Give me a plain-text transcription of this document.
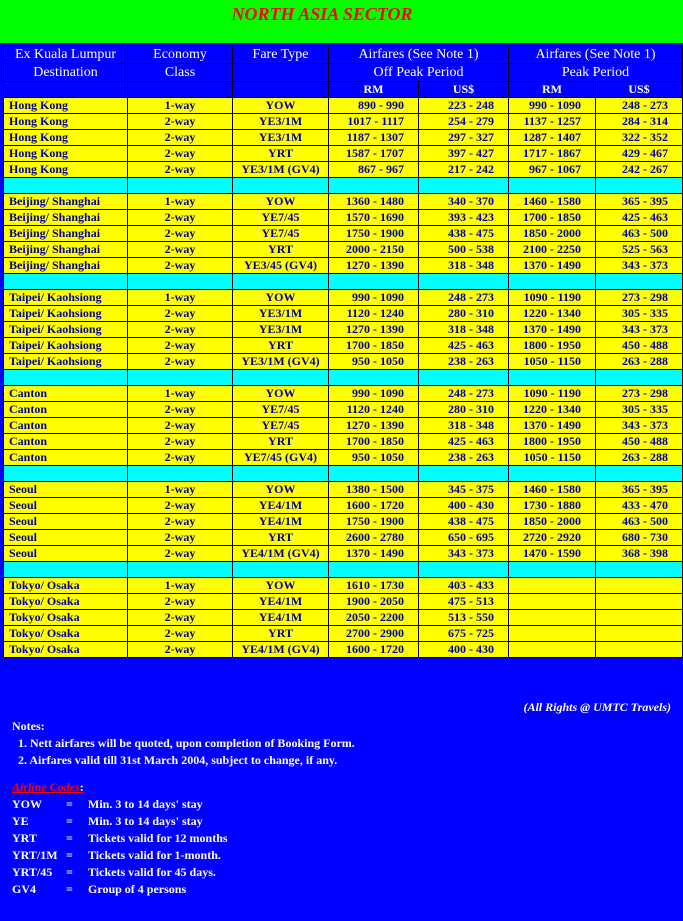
NORTH ASIA SECTOR
Ex Kuala Lumpur	Economy	Fare Type	Airfares (See Note 1)		Airfares (See Note 1)	
Destination	Class		Off Peak Period		Peak Period	
			RM	US$	RM	US$
Hong Kong	1-way	YOW	890 - 990	223 - 248	990 - 1090	248 - 273
Hong Kong	2-way	YE3/1M	1017 - 1117	254 - 279	1137 - 1257	284 - 314
Hong Kong	2-way	YE3/1M	1187 - 1307	297 - 327	1287 - 1407	322 - 352
Hong Kong	2-way	YRT	1587 - 1707	397 - 427	1717 - 1867	429 - 467
Hong Kong	2-way	YE3/1M (GV4)	867 - 967	217 - 242	967 - 1067	242 - 267

Beijing/ Shanghai	1-way	YOW	1360 - 1480	340 - 370	1460 - 1580	365 - 395
Beijing/ Shanghai	2-way	YE7/45	1570 - 1690	393 - 423	1700 - 1850	425 - 463
Beijing/ Shanghai	2-way	YE7/45	1750 - 1900	438 - 475	1850 - 2000	463 - 500
Beijing/ Shanghai	2-way	YRT	2000 - 2150	500 - 538	2100 - 2250	525 - 563
Beijing/ Shanghai	2-way	YE3/45 (GV4)	1270 - 1390	318 - 348	1370 - 1490	343 - 373

Taipei/ Kaohsiong	1-way	YOW	990 - 1090	248 - 273	1090 - 1190	273 - 298
Taipei/ Kaohsiong	2-way	YE3/1M	1120 - 1240	280 - 310	1220 - 1340	305 - 335
Taipei/ Kaohsiong	2-way	YE3/1M	1270 - 1390	318 - 348	1370 - 1490	343 - 373
Taipei/ Kaohsiong	2-way	YRT	1700 - 1850	425 - 463	1800 - 1950	450 - 488
Taipei/ Kaohsiong	2-way	YE3/1M (GV4)	950 - 1050	238 - 263	1050 - 1150	263 - 288

Canton	1-way	YOW	990 - 1090	248 - 273	1090 - 1190	273 - 298
Canton	2-way	YE7/45	1120 - 1240	280 - 310	1220 - 1340	305 - 335
Canton	2-way	YE7/45	1270 - 1390	318 - 348	1370 - 1490	343 - 373
Canton	2-way	YRT	1700 - 1850	425 - 463	1800 - 1950	450 - 488
Canton	2-way	YE7/45 (GV4)	950 - 1050	238 - 263	1050 - 1150	263 - 288

Seoul	1-way	YOW	1380 - 1500	345 - 375	1460 - 1580	365 - 395
Seoul	2-way	YE4/1M	1600 - 1720	400 - 430	1730 - 1880	433 - 470
Seoul	2-way	YE4/1M	1750 - 1900	438 - 475	1850 - 2000	463 - 500
Seoul	2-way	YRT	2600 - 2780	650 - 695	2720 - 2920	680 - 730
Seoul	2-way	YE4/1M (GV4)	1370 - 1490	343 - 373	1470 - 1590	368 - 398

Tokyo/ Osaka	1-way	YOW	1610 - 1730	403 - 433		
Tokyo/ Osaka	2-way	YE4/1M	1900 - 2050	475 - 513		
Tokyo/ Osaka	2-way	YE4/1M	2050 - 2200	513 - 550		
Tokyo/ Osaka	2-way	YRT	2700 - 2900	675 - 725		
Tokyo/ Osaka	2-way	YE4/1M (GV4)	1600 - 1720	400 - 430		
(All Rights @ UMTC Travels)
Notes:
1. Nett airfares will be quoted, upon completion of Booking Form.
2. Airfares valid till 31st March 2004, subject to change, if any.
Airline Codes:
YOW = Min. 3 to 14 days' stay
YE	= Min. 3 to 14 days' stay
YRT = Tickets valid for 12 months
YRT/1M = Tickets valid for 1-month.
YRT/45 = Tickets valid for 45 days.
GV4	= Group of 4 persons
